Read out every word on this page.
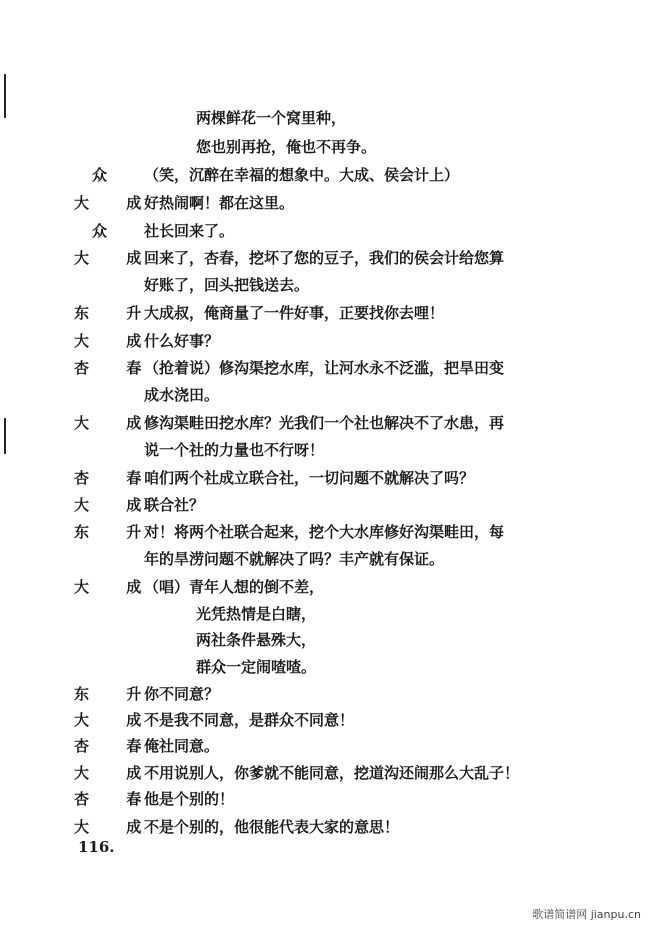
两棵鲜花一个窝里种，
您也别再抢，俺也不再争。
众	（笑，沉醉在幸福的想象中。大成、侯会计上）
大 成
好热闹啊！都在这里。
众	社长回来了。
大 成
回来了，杏春，挖坏了您的豆子，我们的侯会计给您算
好账了，回头把钱送去。
东 升
大成叔，俺商量了一件好事，正要找你去哩！
大 成
什么好事？
杏 春
（抢着说）修沟渠挖水库，让河水永不泛滥，把旱田变
成水浇田。
大 成
修沟渠畦田挖水库？光我们一个社也解决不了水患，再
说一个社的力量也不行呀！
杏 春
咱们两个社成立联合社，一切问题不就解决了吗？
大 成
联合社？
东 升
对！将两个社联合起来，挖个大水库修好沟渠畦田，每
年的旱涝问题不就解决了吗？丰产就有保证。
大 成
（唱）青年人想的倒不差，
光凭热情是白瞎，
两社条件悬殊大，
群众一定闹喳喳。
东 升
你不同意？
大 成
不是我不同意，是群众不同意！
杏 春
俺社同意。
大 成
不用说别人，你爹就不能同意，挖道沟还闹那么大乱子！
杏 春
他是个别的！
大 成
不是个别的，他很能代表大家的意思！
116.
歌谱简谱网 jianpu.cn
